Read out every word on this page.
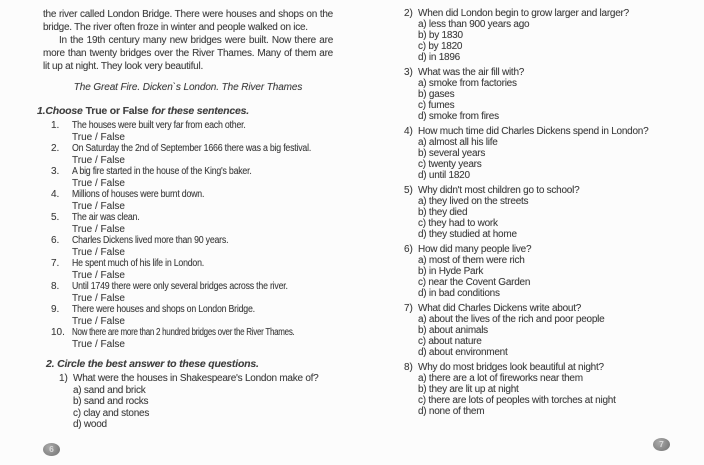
the river called London Bridge. There were houses and shops on the bridge. The river often froze in winter and people walked on ice.

In the 19th century many new bridges were built. Now there are more than twenty bridges over the River Thames. Many of them are lit up at night. They look very beautiful.

The Great Fire. Dicken`s London. The River Thames

1.Choose True or False for these sentences.

1.	The houses were built very far from each other.
True / False
2.	On Saturday the 2nd of September 1666 there was a big festival.
True / False
3.	A big fire started in the house of the King's baker.
True / False
4.	Millions of houses were burnt down.
True / False
5.	The air was clean.
True / False
6.	Charles Dickens lived more than 90 years.
True / False
7.	He spent much of his life in London.
True / False
8.	Until 1749 there were only several bridges across the river.
True / False
9.	There were houses and shops on London Bridge.
True / False
10. Now there are more than 2 hundred bridges over the River Thames.
True / False

2. Circle the best answer to these questions.

1) What were the houses in Shakespeare's London make of?
a) sand and brick
b) sand and rocks
c) clay and stones
d) wood
6
2) When did London begin to grow larger and larger?
a) less than 900 years ago
b) by 1830
c) by 1820
d) in 1896
3) What was the air fill with?
a) smoke from factories
b) gases
c) fumes
d) smoke from fires
4) How much time did Charles Dickens spend in London?
a) almost all his life
b) several years
c) twenty years
d) until 1820
5) Why didn't most children go to school?
a) they lived on the streets
b) they died
c) they had to work
d) they studied at home
6) How did many people live?
a) most of them were rich
b) in Hyde Park
c) near the Covent Garden
d) in bad conditions
7) What did Charles Dickens write about?
a) about the lives of the rich and poor people
b) about animals
c) about nature
d) about environment
8) Why do most bridges look beautiful at night?
a) there are a lot of fireworks near them
b) they are lit up at night
c) there are lots of peoples with torches at night
d) none of them
7
